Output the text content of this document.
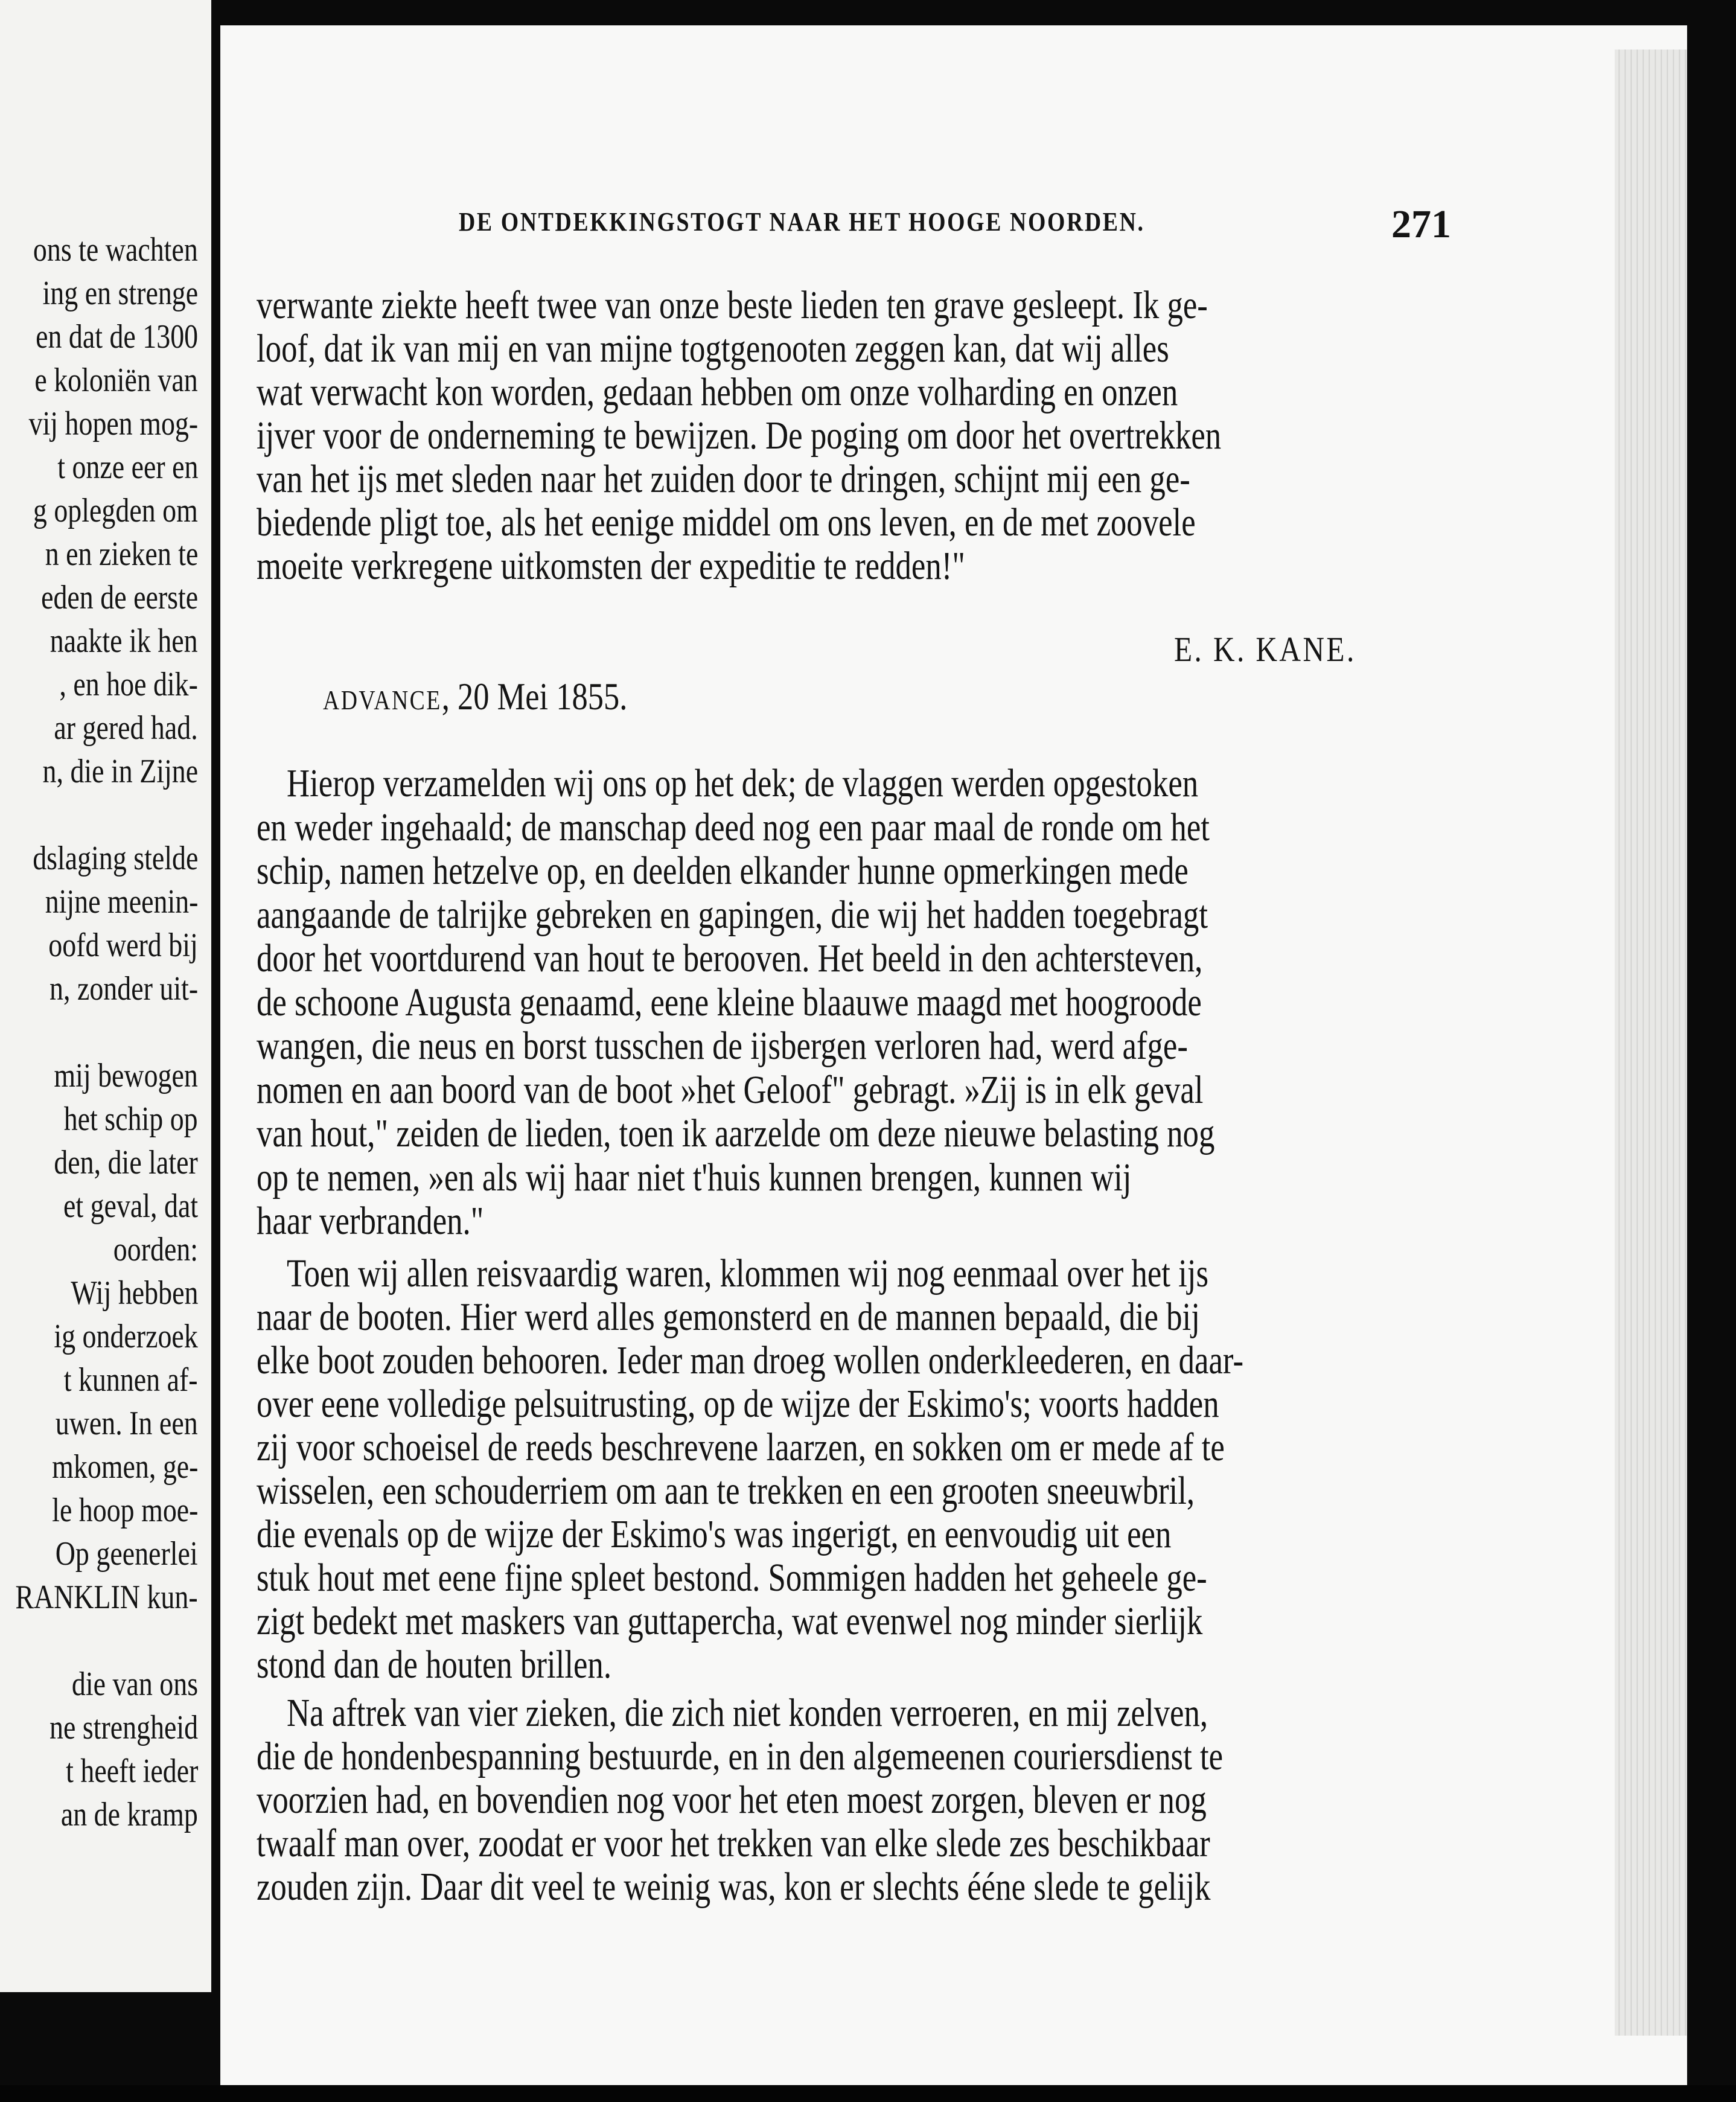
ons te wachten
ing en strenge
en dat de 1300
e koloniën van
vij hopen mog-
t onze eer en
g oplegden om
n en zieken te
eden de eerste
naakte ik hen
, en hoe dik-
ar gered had.
n, die in Zijne
dslaging stelde
nijne meenin-
oofd werd bij
n, zonder uit-
mij bewogen
het schip op
den, die later
et geval, dat
oorden:
Wij hebben
ig onderzoek
t kunnen af-
uwen. In een
mkomen, ge-
le hoop moe-
Op geenerlei
RANKLIN kun-
die van ons
ne strengheid
t heeft ieder
an de kramp
DE ONTDEKKINGSTOGT NAAR HET HOOGE NOORDEN.	271
E. K. KANE.
ADVANCE, 20 Mei 1855.
verwante ziekte heeft twee van onze beste lieden ten grave gesleept. Ik ge-
loof, dat ik van mij en van mijne togtgenooten zeggen kan, dat wij alles
wat verwacht kon worden, gedaan hebben om onze volharding en onzen
ijver voor de onderneming te bewijzen. De poging om door het overtrekken
van het ijs met sleden naar het zuiden door te dringen, schijnt mij een ge-
biedende pligt toe, als het eenige middel om ons leven, en de met zoovele
moeite verkregene uitkomsten der expeditie te redden!"
Hierop verzamelden wij ons op het dek; de vlaggen werden opgestoken
en weder ingehaald; de manschap deed nog een paar maal de ronde om het
schip, namen hetzelve op, en deelden elkander hunne opmerkingen mede
aangaande de talrijke gebreken en gapingen, die wij het hadden toegebragt
door het voortdurend van hout te berooven. Het beeld in den achtersteven,
de schoone Augusta genaamd, eene kleine blaauwe maagd met hoogroode
wangen, die neus en borst tusschen de ijsbergen verloren had, werd afge-
nomen en aan boord van de boot »het Geloof" gebragt. »Zij is in elk geval
van hout," zeiden de lieden, toen ik aarzelde om deze nieuwe belasting nog
op te nemen, »en als wij haar niet t'huis kunnen brengen, kunnen wij
haar verbranden."
Toen wij allen reisvaardig waren, klommen wij nog eenmaal over het ijs
naar de booten. Hier werd alles gemonsterd en de mannen bepaald, die bij
elke boot zouden behooren. Ieder man droeg wollen onderkleederen, en daar-
over eene volledige pelsuitrusting, op de wijze der Eskimo's; voorts hadden
zij voor schoeisel de reeds beschrevene laarzen, en sokken om er mede af te
wisselen, een schouderriem om aan te trekken en een grooten sneeuwbril,
die evenals op de wijze der Eskimo's was ingerigt, en eenvoudig uit een
stuk hout met eene fijne spleet bestond. Sommigen hadden het geheele ge-
zigt bedekt met maskers van guttapercha, wat evenwel nog minder sierlijk
stond dan de houten brillen.
Na aftrek van vier zieken, die zich niet konden verroeren, en mij zelven,
die de hondenbespanning bestuurde, en in den algemeenen couriersdienst te
voorzien had, en bovendien nog voor het eten moest zorgen, bleven er nog
twaalf man over, zoodat er voor het trekken van elke slede zes beschikbaar
zouden zijn. Daar dit veel te weinig was, kon er slechts ééne slede te gelijk
